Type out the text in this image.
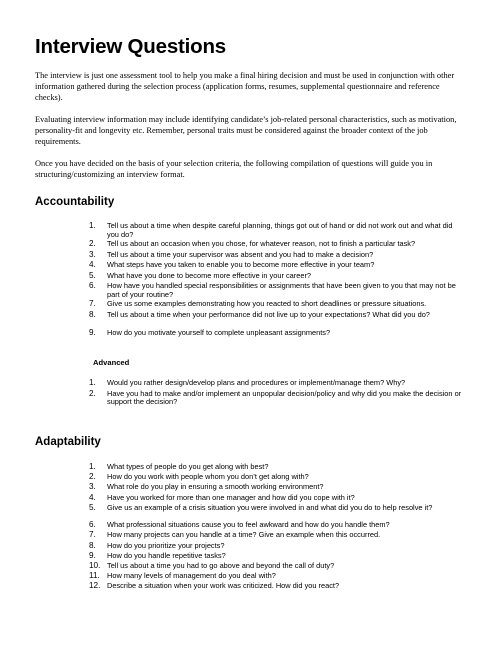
Interview Questions
The interview is just one assessment tool to help you make a final hiring decision and must be used in conjunction with other information gathered during the selection process (application forms, resumes, supplemental questionnaire and reference checks).
Evaluating interview information may include identifying candidate’s job-related personal characteristics, such as motivation, personality-fit and longevity etc. Remember, personal traits must be considered against the broader context of the job requirements.
Once you have decided on the basis of your selection criteria, the following compilation of questions will guide you in structuring/customizing an interview format.
Accountability
1.	Tell us about a time when despite careful planning, things got out of hand or did not work out and what did you do?
2.	Tell us about an occasion when you chose, for whatever reason, not to finish a particular task?
3.	Tell us about a time your supervisor was absent and you had to make a decision?
4.	What steps have you taken to enable you to become more effective in your team?
5.	What have you done to become more effective in your career?
6.	How have you handled special responsibilities or assignments that have been given to you that may not be part of your routine?
7.	Give us some examples demonstrating how you reacted to short deadlines or pressure situations.
8.	Tell us about a time when your performance did not live up to your expectations? What did you do?
9.	How do you motivate yourself to complete unpleasant assignments?
Advanced
1.	Would you rather design/develop plans and procedures or implement/manage them? Why?
2.	Have you had to make and/or implement an unpopular decision/policy and why did you make the decision or support the decision?
Adaptability
1.	What types of people do you get along with best?
2.	How do you work with people whom you don’t get along with?
3.	What role do you play in ensuring a smooth working environment?
4.	Have you worked for more than one manager and how did you cope with it?
5.	Give us an example of a crisis situation you were involved in and what did you do to help resolve it?
6.	What professional situations cause you to feel awkward and how do you handle them?
7.	How many projects can you handle at a time? Give an example when this occurred.
8.	How do you prioritize your projects?
9.	How do you handle repetitive tasks?
10. Tell us about a time you had to go above and beyond the call of duty?
11. How many levels of management do you deal with?
12. Describe a situation when your work was criticized. How did you react?
